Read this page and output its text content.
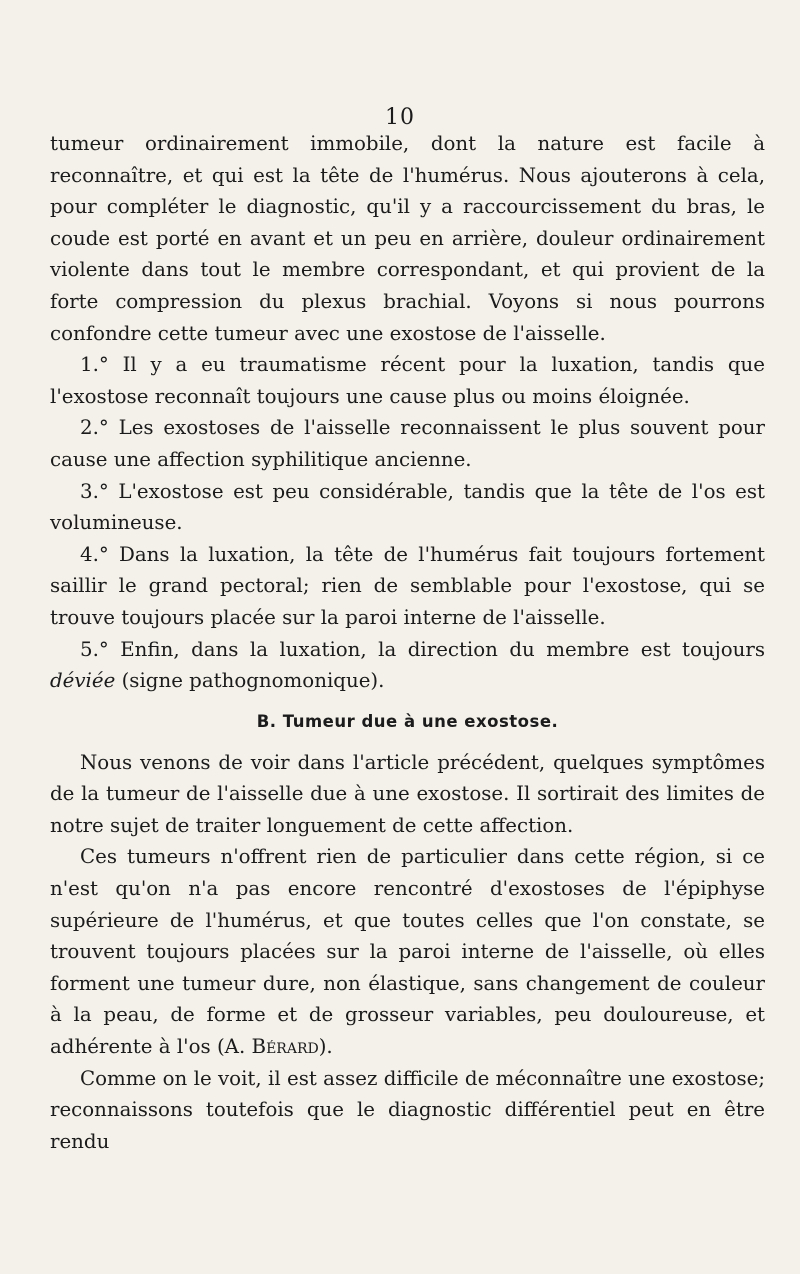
10

tumeur ordinairement immobile, dont la nature est facile à reconnaître, et qui est la tête de l'humérus. Nous ajouterons à cela, pour compléter le diagnostic, qu'il y a raccourcissement du bras, le coude est porté en avant et un peu en arrière, douleur ordinairement violente dans tout le membre correspondant, et qui provient de la forte compression du plexus brachial. Voyons si nous pourrons confondre cette tumeur avec une exostose de l'aisselle.

1.° Il y a eu traumatisme récent pour la luxation, tandis que l'exostose reconnaît toujours une cause plus ou moins éloignée.

2.° Les exostoses de l'aisselle reconnaissent le plus souvent pour cause une affection syphilitique ancienne.

3.° L'exostose est peu considérable, tandis que la tête de l'os est volumineuse.

4.° Dans la luxation, la tête de l'humérus fait toujours fortement saillir le grand pectoral; rien de semblable pour l'exostose, qui se trouve toujours placée sur la paroi interne de l'aisselle.

5.° Enfin, dans la luxation, la direction du membre est toujours déviée (signe pathognomonique).

B. Tumeur due à une exostose.

Nous venons de voir dans l'article précédent, quelques symptômes de la tumeur de l'aisselle due à une exostose. Il sortirait des limites de notre sujet de traiter longuement de cette affection.

Ces tumeurs n'offrent rien de particulier dans cette région, si ce n'est qu'on n'a pas encore rencontré d'exostoses de l'épiphyse supérieure de l'humérus, et que toutes celles que l'on constate, se trouvent toujours placées sur la paroi interne de l'aisselle, où elles forment une tumeur dure, non élastique, sans changement de couleur à la peau, de forme et de grosseur variables, peu douloureuse, et adhérente à l'os (A. Bérard).

Comme on le voit, il est assez difficile de méconnaître une exostose; reconnaissons toutefois que le diagnostic différentiel peut en être rendu
